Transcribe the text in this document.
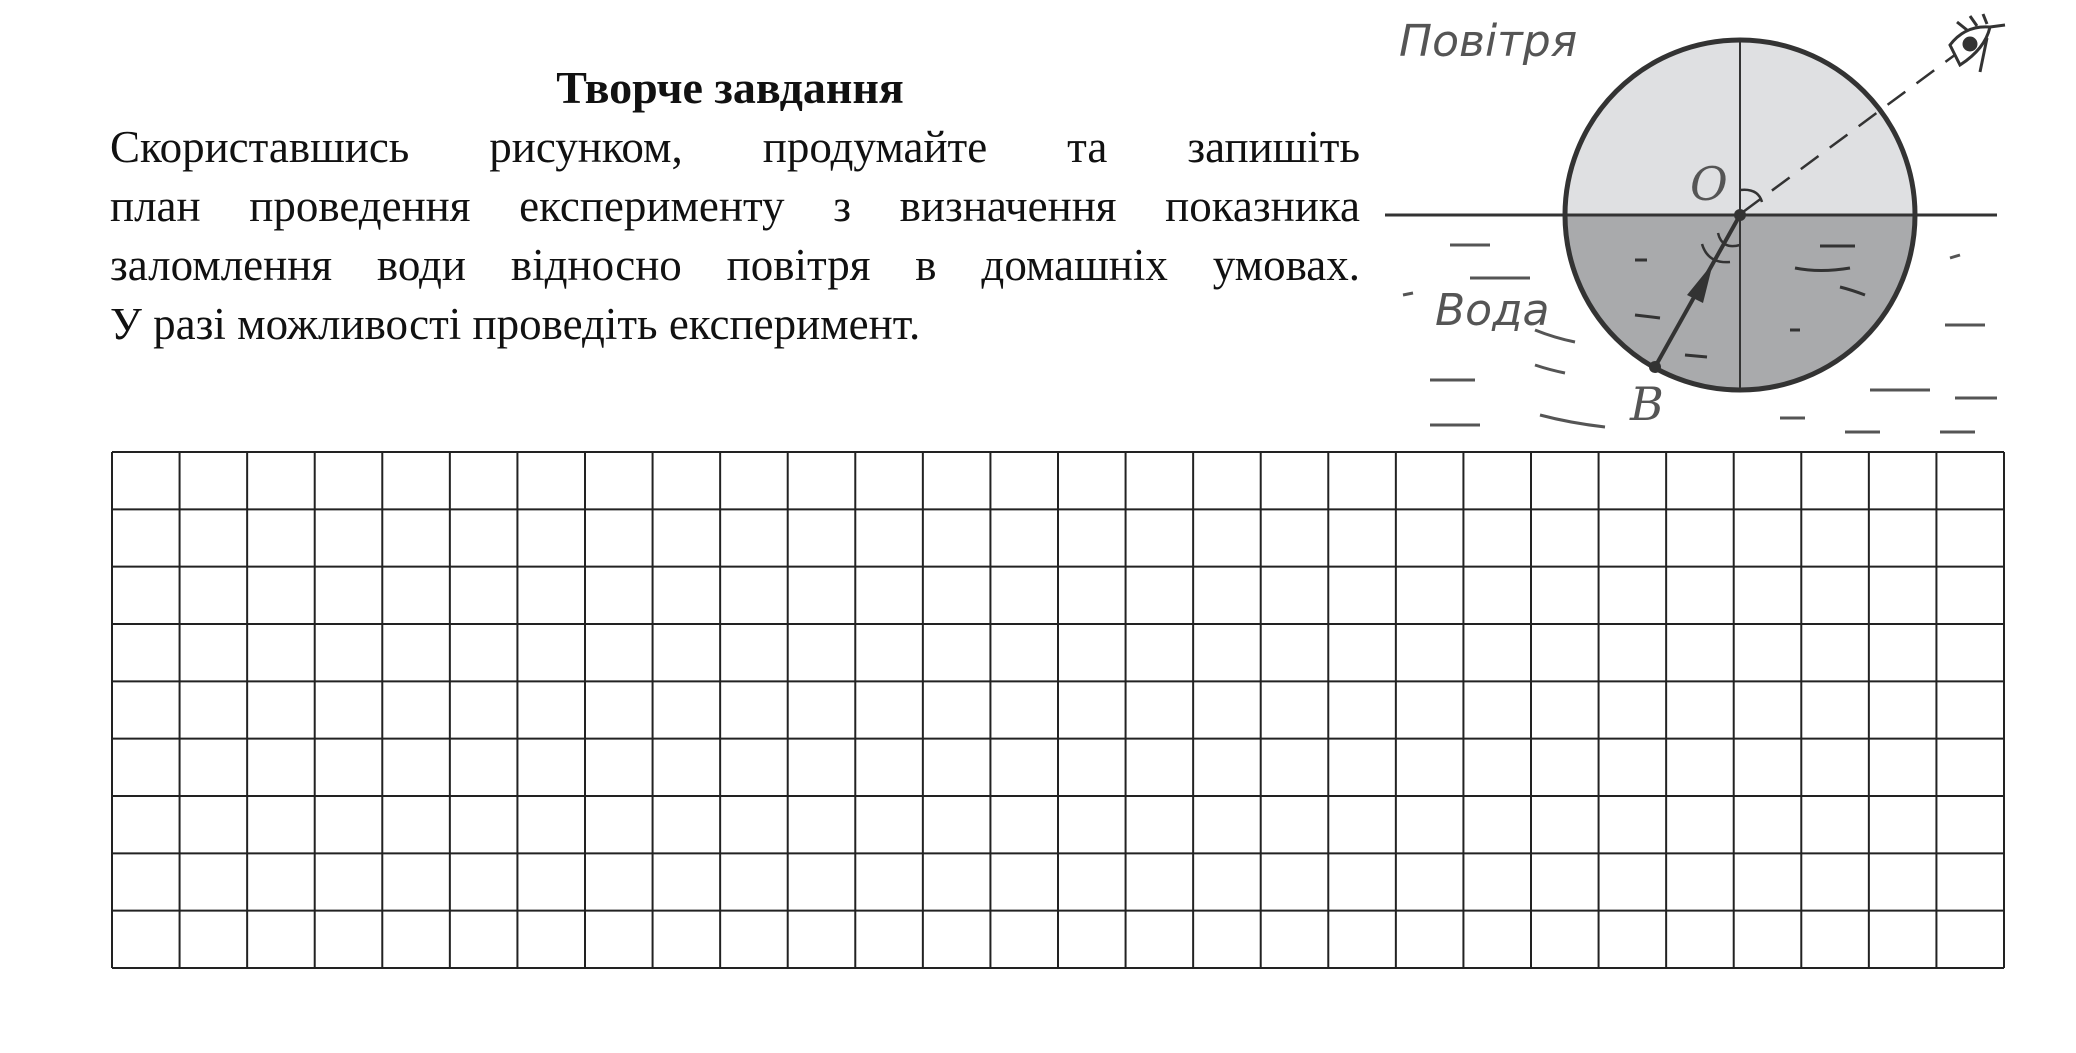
Творче завдання
Скориставшись рисунком, продумайте та запишіть
план проведення експерименту з визначення показника
заломлення води відносно повітря в домашніх умовах.
У разі можливості проведіть експеримент.
Повітря
Вода
O
B
